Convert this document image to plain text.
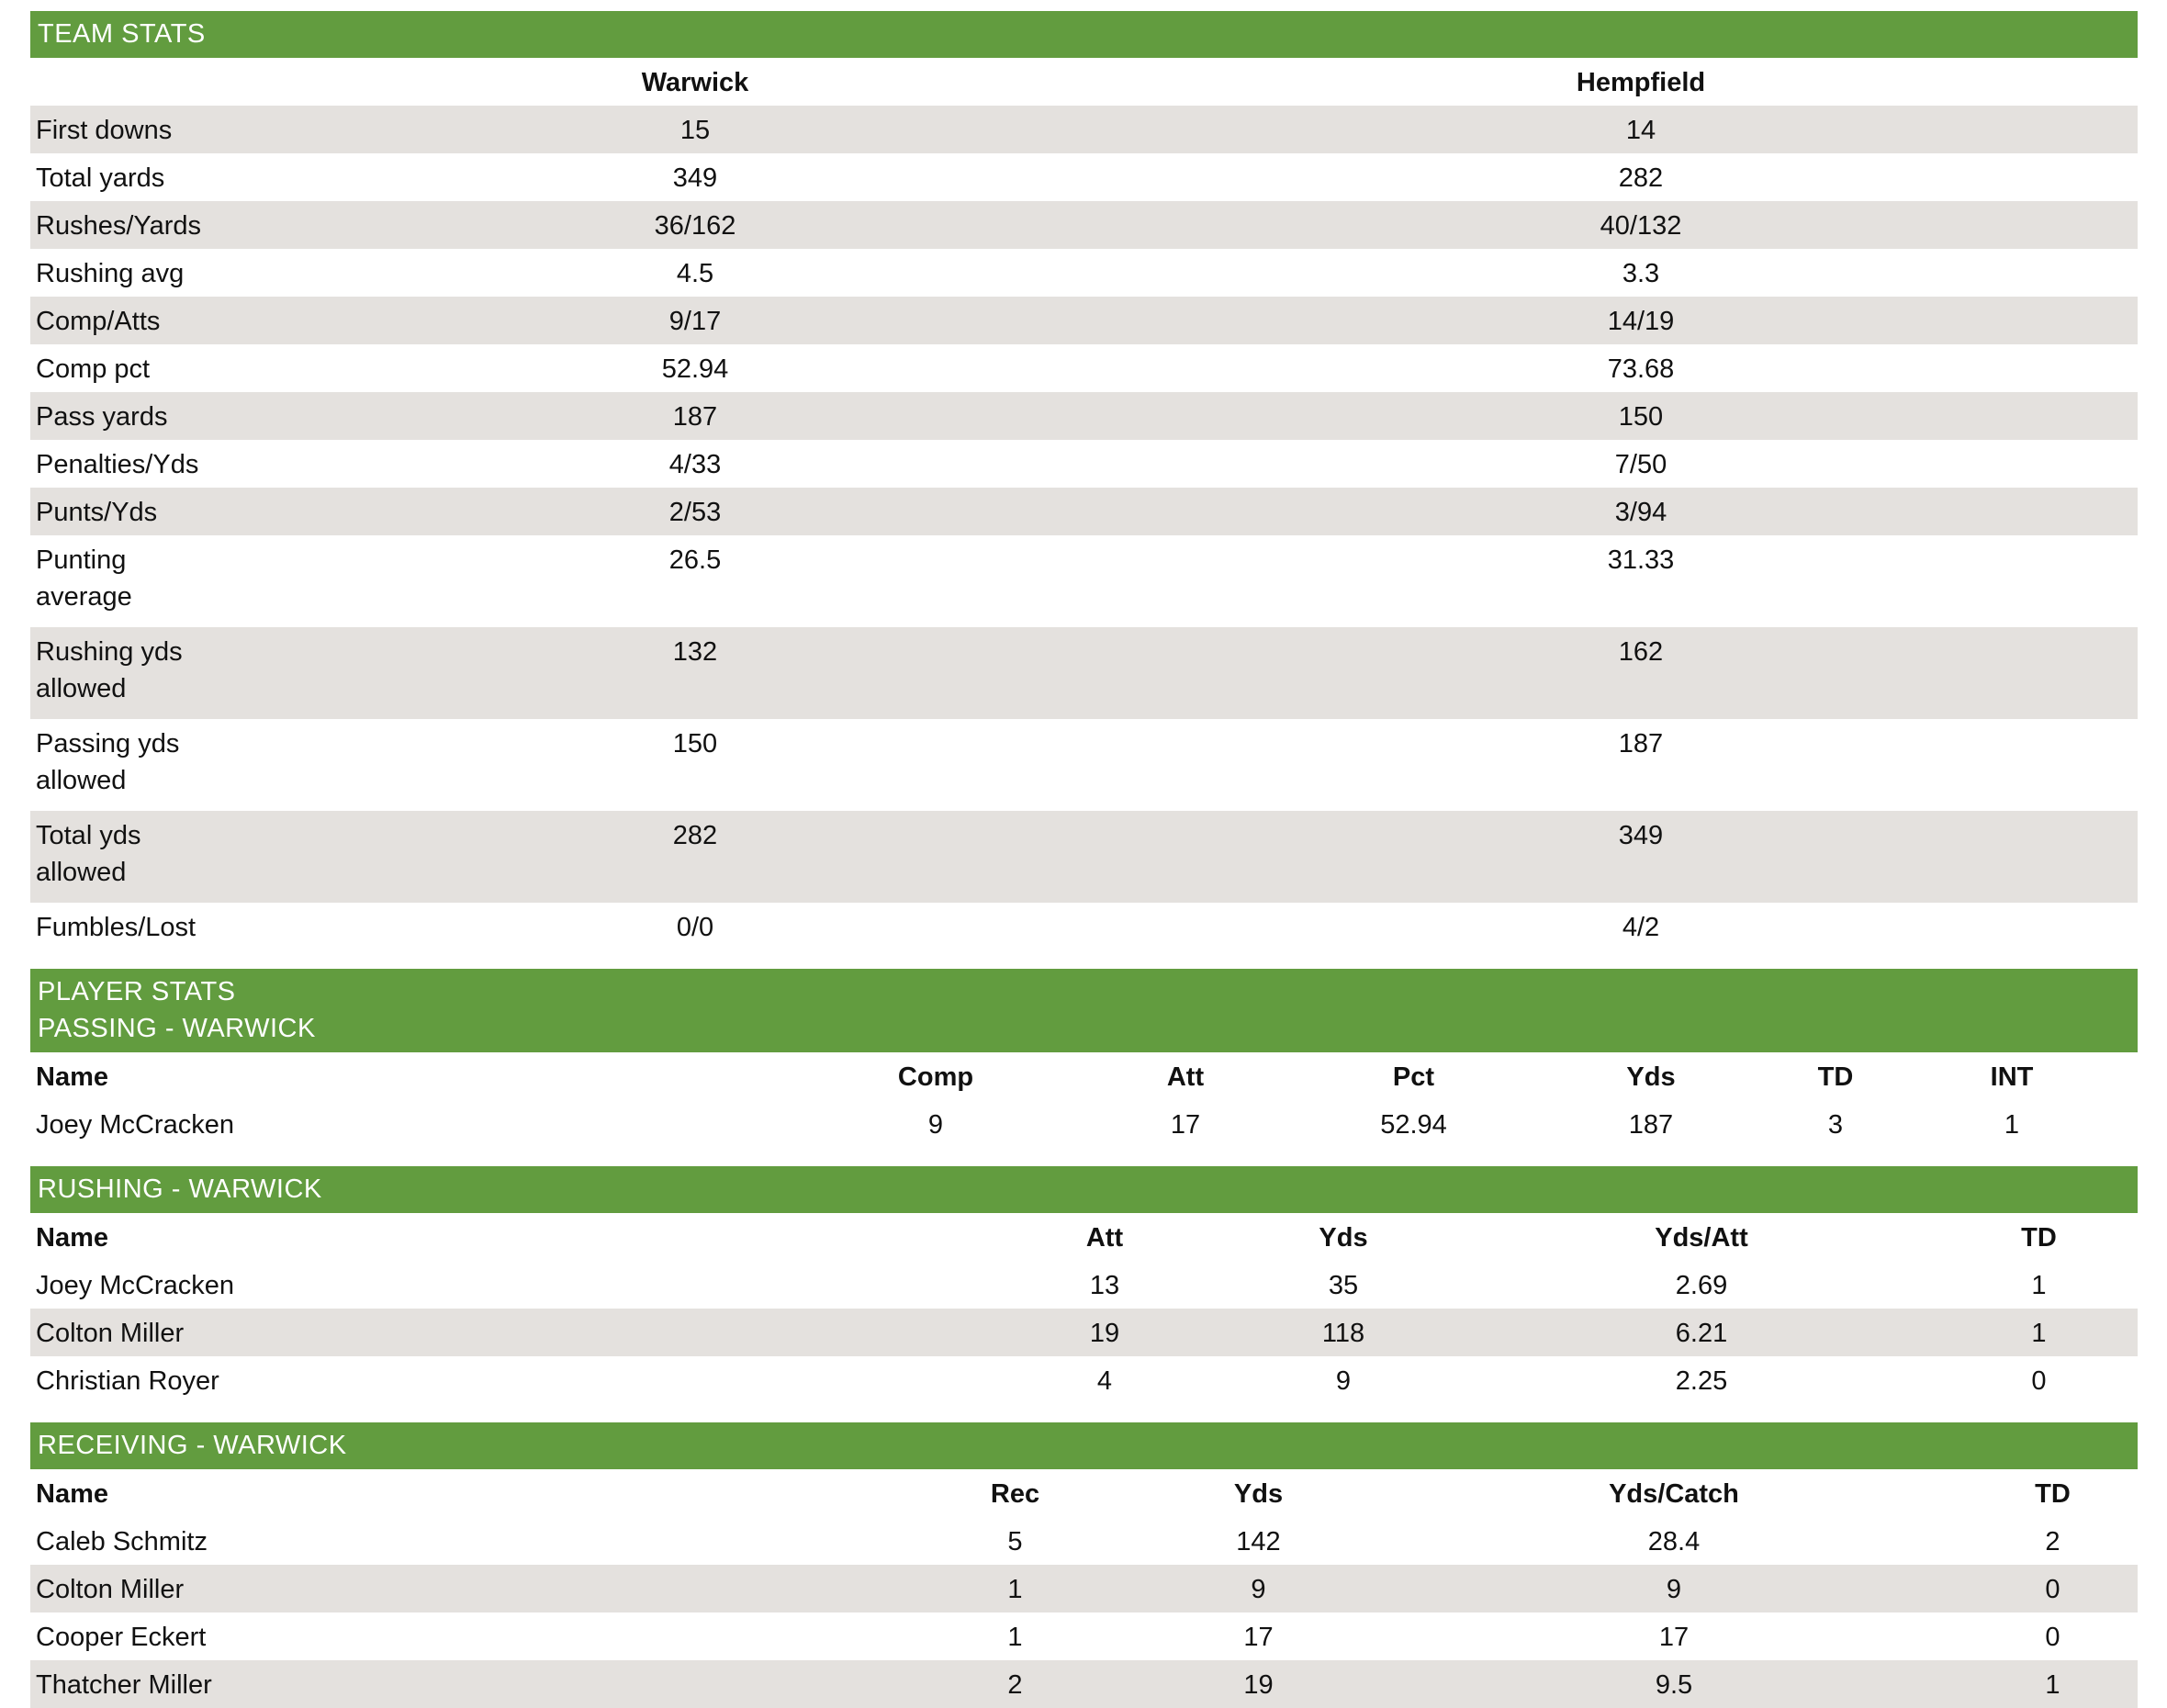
TEAM STATS
	Warwick		Hempfield	

First downs	15		14	

Total yards	349		282	

Rushes/Yards	36/162		40/132	

Rushing avg	4.5		3.3	

Comp/Atts	9/17		14/19	

Comp pct	52.94		73.68	

Pass yards	187		150	

Penalties/Yds	4/33		7/50	

Punts/Yds	2/53		3/94	

Punting average	26.5		31.33	

Rushing yds allowed	132		162	

Passing yds allowed	150		187	

Total yds allowed	282		349	

Fumbles/Lost	0/0		4/2	
PLAYER STATS
PASSING - WARWICK
Name	Comp	Att	Pct	Yds	TD	INT
Joey McCracken	9	17	52.94	187	3	1
RUSHING - WARWICK
Name	Att	Yds	Yds/Att	TD
Joey McCracken	13	35	2.69	1
Colton Miller	19	118	6.21	1
Christian Royer	4	9	2.25	0
RECEIVING - WARWICK
Name	Rec	Yds	Yds/Catch	TD
Caleb Schmitz	5	142	28.4	2
Colton Miller	1	9	9	0
Cooper Eckert	1	17	17	0
Thatcher Miller	2	19	9.5	1
